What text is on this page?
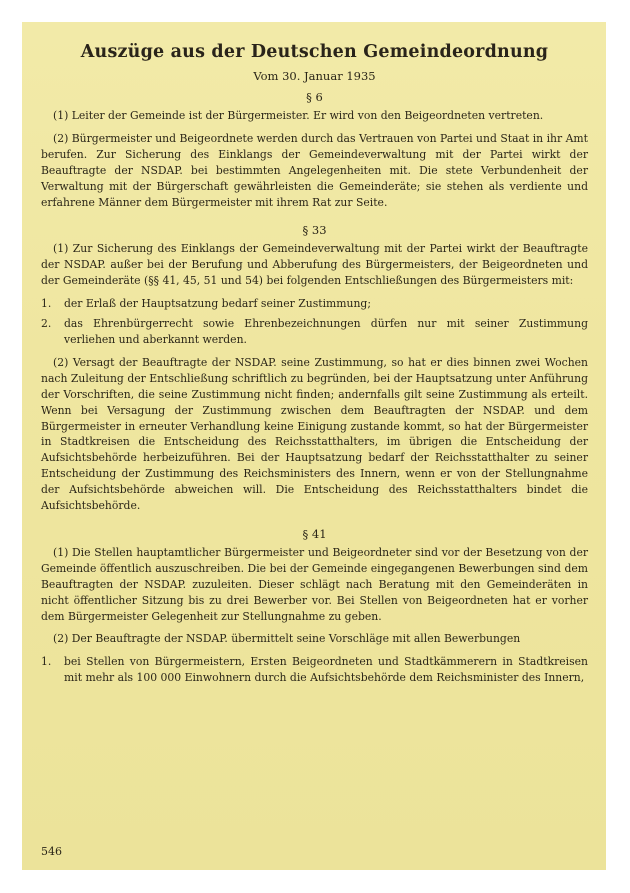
Auszüge aus der Deutschen Gemeindeordnung
Vom 30. Januar 1935
§ 6

(1) Leiter der Gemeinde ist der Bürgermeister. Er wird von den Beigeordneten vertreten.

(2) Bürgermeister und Beigeordnete werden durch das Vertrauen von Partei und Staat in ihr Amt berufen. Zur Sicherung des Einklangs der Gemeindeverwaltung mit der Partei wirkt der Beauftragte der NSDAP. bei bestimmten Angelegenheiten mit. Die stete Verbundenheit der Verwaltung mit der Bürgerschaft gewährleisten die Gemeinderäte; sie stehen als verdiente und erfahrene Männer dem Bürgermeister mit ihrem Rat zur Seite.

§ 33

(1) Zur Sicherung des Einklangs der Gemeindeverwaltung mit der Partei wirkt der Beauftragte der NSDAP. außer bei der Berufung und Abberufung des Bürgermeisters, der Beigeordneten und der Gemeinderäte (§§ 41, 45, 51 und 54) bei folgenden Entschließungen des Bürgermeisters mit:

1.	der Erlaß der Hauptsatzung bedarf seiner Zustimmung;
2.	das Ehrenbürgerrecht sowie Ehrenbezeichnungen dürfen nur mit seiner Zustimmung verliehen und aberkannt werden.

(2) Versagt der Beauftragte der NSDAP. seine Zustimmung, so hat er dies binnen zwei Wochen nach Zuleitung der Entschließung schriftlich zu begründen, bei der Hauptsatzung unter Anführung der Vorschriften, die seine Zustimmung nicht finden; andernfalls gilt seine Zustimmung als erteilt. Wenn bei Versagung der Zustimmung zwischen dem Beauftragten der NSDAP. und dem Bürgermeister in erneuter Verhandlung keine Einigung zustande kommt, so hat der Bürgermeister in Stadtkreisen die Entscheidung des Reichsstatthalters, im übrigen die Entscheidung der Aufsichtsbehörde herbeizuführen. Bei der Hauptsatzung bedarf der Reichsstatthalter zu seiner Entscheidung der Zustimmung des Reichsministers des Innern, wenn er von der Stellungnahme der Aufsichtsbehörde abweichen will. Die Entscheidung des Reichsstatthalters bindet die Aufsichtsbehörde.

§ 41

(1) Die Stellen hauptamtlicher Bürgermeister und Beigeordneter sind vor der Besetzung von der Gemeinde öffentlich auszuschreiben. Die bei der Gemeinde eingegangenen Bewerbungen sind dem Beauftragten der NSDAP. zuzuleiten. Dieser schlägt nach Beratung mit den Gemeinderäten in nicht öffentlicher Sitzung bis zu drei Bewerber vor. Bei Stellen von Beigeordneten hat er vorher dem Bürgermeister Gelegenheit zur Stellungnahme zu geben.

(2) Der Beauftragte der NSDAP. übermittelt seine Vorschläge mit allen Bewerbungen

1.	bei Stellen von Bürgermeistern, Ersten Beigeordneten und Stadtkämmerern in Stadtkreisen mit mehr als 100 000 Einwohnern durch die Aufsichtsbehörde dem Reichsminister des Innern,
546
